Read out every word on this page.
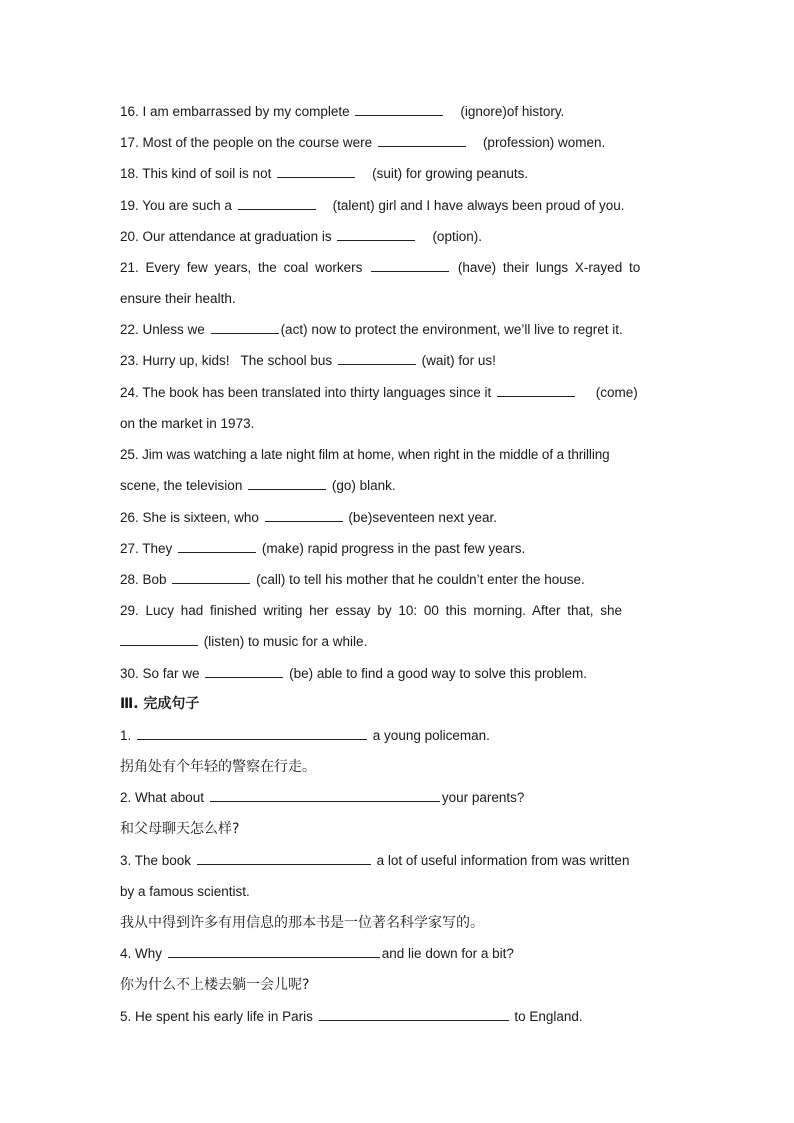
16. I am embarrassed by my complete	(ignore)of history.
17. Most of the people on the course were	(profession) women.
18. This kind of soil is not	(suit) for growing peanuts.
19. You are such a	(talent) girl and I have always been proud of you.
20. Our attendance at graduation is	(option).
21. Every few years, the coal workers	(have) their lungs X-rayed to
ensure their health.
22. Unless we	(act) now to protect the environment, we’ll live to regret it.
23. Hurry up, kids!   The school bus	(wait) for us!
24. The book has been translated into thirty languages since it	(come)
on the market in 1973.
25. Jim was watching a late night film at home, when right in the middle of a thrilling
scene, the television	(go) blank.
26. She is sixteen, who	(be)seventeen next year.
27. They	(make) rapid progress in the past few years.
28. Bob	(call) to tell his mother that he couldn’t enter the house.
29. Lucy had finished writing her essay by 10: 00 this morning. After that, she
(listen) to music for a while.
30. So far we	(be) able to find a good way to solve this problem.
Ⅲ. 完成句子
1.	a young policeman.
拐角处有个年轻的警察在行走。
2. What about	your parents?
和父母聊天怎么样?
3. The book	a lot of useful information from was written
by a famous scientist.
我从中得到许多有用信息的那本书是一位著名科学家写的。
4. Why	and lie down for a bit?
你为什么不上楼去躺一会儿呢?
5. He spent his early life in Paris	to England.
